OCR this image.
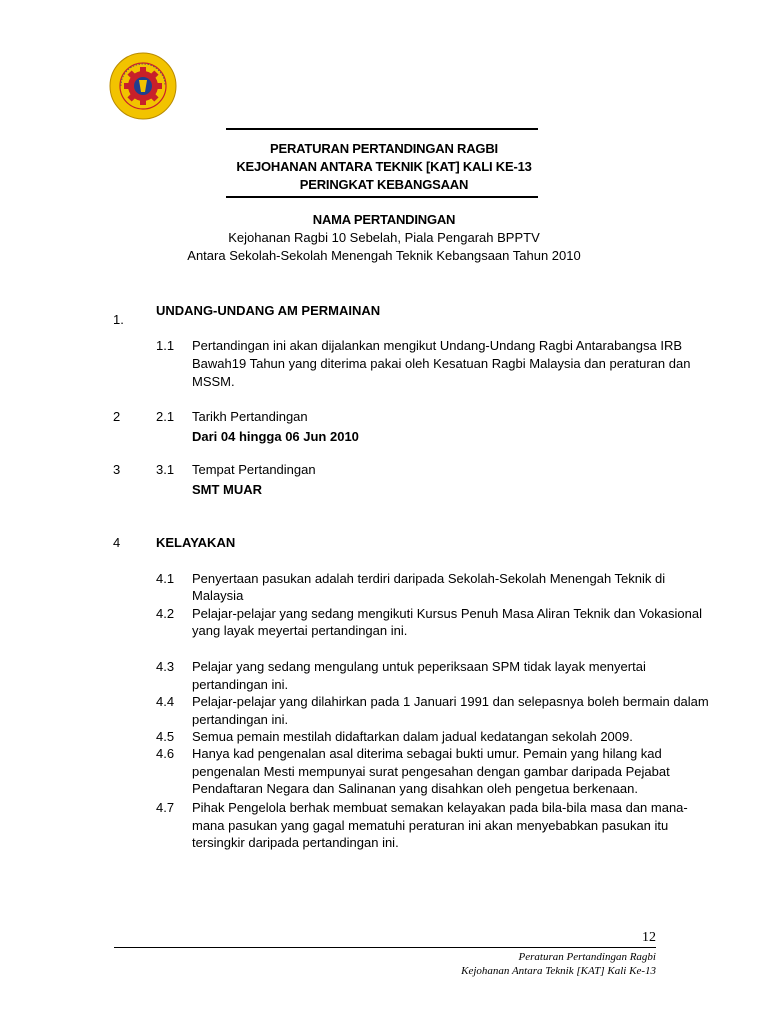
PERATURAN PERTANDINGAN RAGBI
KEJOHANAN ANTARA TEKNIK [KAT] KALI KE-13
PERINGKAT KEBANGSAAN
NAMA PERTANDINGAN
Kejohanan Ragbi 10 Sebelah, Piala Pengarah BPPTV
Antara Sekolah-Sekolah Menengah Teknik Kebangsaan Tahun 2010
1.
UNDANG-UNDANG AM PERMAINAN
1.1 Pertandingan ini akan dijalankan mengikut Undang-Undang Ragbi Antarabangsa IRB
Bawah19 Tahun yang diterima pakai oleh Kesatuan Ragbi Malaysia dan peraturan dan
MSSM.
2	2.1 Tarikh Pertandingan
Dari 04 hingga 06 Jun 2010
3	3.1 Tempat Pertandingan
SMT MUAR
4	KELAYAKAN
4.1 Penyertaan pasukan adalah terdiri daripada Sekolah-Sekolah Menengah Teknik di
Malaysia
4.2 Pelajar-pelajar yang sedang mengikuti Kursus Penuh Masa Aliran Teknik dan Vokasional
yang layak meyertai pertandingan ini.
4.3 Pelajar yang sedang mengulang untuk peperiksaan SPM tidak layak menyertai
pertandingan ini.
4.4 Pelajar-pelajar yang dilahirkan pada 1 Januari 1991 dan selepasnya boleh bermain dalam
pertandingan ini.
4.5 Semua pemain mestilah didaftarkan dalam jadual kedatangan sekolah 2009.
4.6 Hanya kad pengenalan asal diterima sebagai bukti umur. Pemain yang hilang kad
pengenalan Mesti mempunyai surat pengesahan dengan gambar daripada Pejabat
Pendaftaran Negara dan Salinanan yang disahkan oleh pengetua berkenaan.
4.7 Pihak Pengelola berhak membuat semakan kelayakan pada bila-bila masa dan mana-
mana pasukan yang gagal mematuhi peraturan ini akan menyebabkan pasukan itu
tersingkir daripada pertandingan ini.
12
Peraturan Pertandingan Ragbi
Kejohanan Antara Teknik [KAT] Kali Ke-13
